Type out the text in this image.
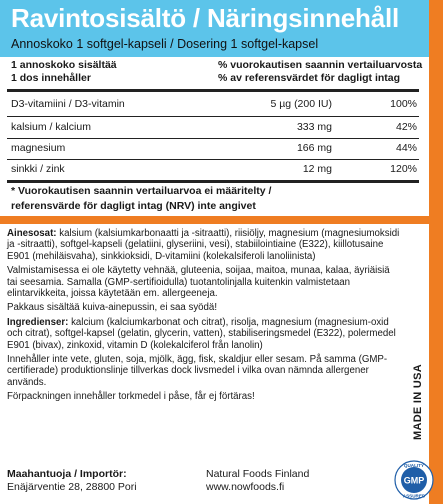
Ravintosisältö / Näringsinnehåll
Annoskoko 1 softgel-kapseli / Dosering 1 softgel-kapsel
1 annoskoko sisältää
1 dos innehåller
% vuorokautisen saannin vertailuarvosta
% av referensvärdet för dagligt intag
D3-vitamiini / D3-vitamin	5 µg (200 IU)	100%
kalsium / kalcium	333 mg	42%
magnesium	166 mg	44%
sinkki / zink	12 mg	120%
* Vuorokautisen saannin vertailuarvoa ei määritelty /
referensvärde för dagligt intag (NRV) inte angivet

Ainesosat: kalsium (kalsiumkarbonaatti ja -sitraatti), riisiöljy, magnesium (magnesiumoksidi ja -sitraatti), softgel-kapseli (gelatiini, glyseriini, vesi), stabiilointiaine (E322), kiillotusaine E901 (mehiläisvaha), sinkkioksidi, D-vitamiini (kolekalsiferoli lanoliinista)

Valmistamisessa ei ole käytetty vehnää, gluteenia, soijaa, maitoa, munaa, kalaa, äyriäisiä tai seesamia. Samalla (GMP-sertifioidulla) tuotantolinjalla kuitenkin valmistetaan elintarvikkeita, joissa käytetään em. allergeeneja.

Pakkaus sisältää kuiva-ainepussin, ei saa syödä!

Ingredienser: kalcium (kalciumkarbonat och citrat), risolja, magnesium (magnesium-oxid och citrat), softgel-kapsel (gelatin, glycerin, vatten), stabiliseringsmedel (E322), polermedel E901 (bivax), zinkoxid, vitamin D (kolekalciferol från lanolin)

Innehåller inte vete, gluten, soja, mjölk, ägg, fisk, skaldjur eller sesam. På samma (GMP- certifierade) produktionslinje tillverkas dock livsmedel i vilka ovan nämnda allergener används.

Förpackningen innehåller torkmedel i påse, får ej förtäras!

Maahantuoja / Importör:
Enäjärventie 28, 28800 Pori
Natural Foods Finland
www.nowfoods.fi
MADE IN USA
QUALITY
GMP
ASSURED
